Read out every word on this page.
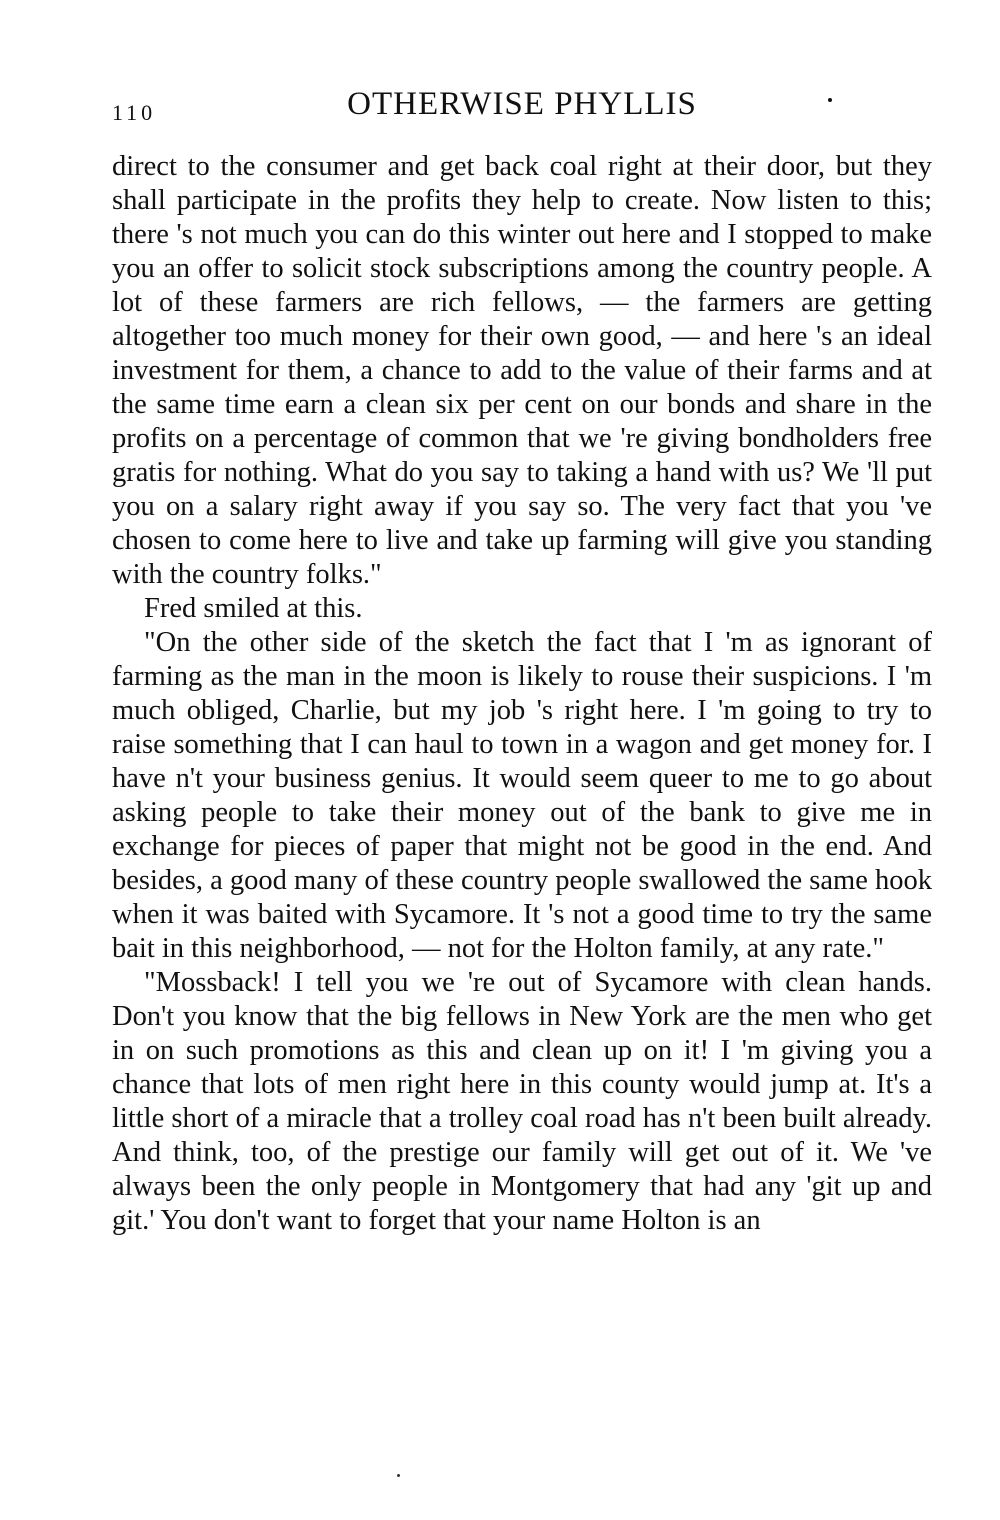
110	OTHERWISE PHYLLIS

direct to the consumer and get back coal right at their door, but they shall participate in the profits they help to create. Now listen to this; there 's not much you can do this winter out here and I stopped to make you an offer to solicit stock subscriptions among the country people. A lot of these farmers are rich fellows, — the farmers are getting altogether too much money for their own good, — and here 's an ideal investment for them, a chance to add to the value of their farms and at the same time earn a clean six per cent on our bonds and share in the profits on a percentage of common that we 're giving bondholders free gratis for nothing. What do you say to taking a hand with us? We 'll put you on a salary right away if you say so. The very fact that you 've chosen to come here to live and take up farming will give you standing with the country folks."

Fred smiled at this.

"On the other side of the sketch the fact that I 'm as ignorant of farming as the man in the moon is likely to rouse their suspicions. I 'm much obliged, Charlie, but my job 's right here. I 'm going to try to raise something that I can haul to town in a wagon and get money for. I have n't your business genius. It would seem queer to me to go about asking people to take their money out of the bank to give me in exchange for pieces of paper that might not be good in the end. And besides, a good many of these country people swallowed the same hook when it was baited with Sycamore. It 's not a good time to try the same bait in this neighborhood, — not for the Holton family, at any rate."

"Mossback! I tell you we 're out of Sycamore with clean hands. Don't you know that the big fellows in New York are the men who get in on such promotions as this and clean up on it! I 'm giving you a chance that lots of men right here in this county would jump at. It's a little short of a miracle that a trolley coal road has n't been built already. And think, too, of the prestige our family will get out of it. We 've always been the only people in Montgomery that had any 'git up and git.' You don't want to forget that your name Holton is an
